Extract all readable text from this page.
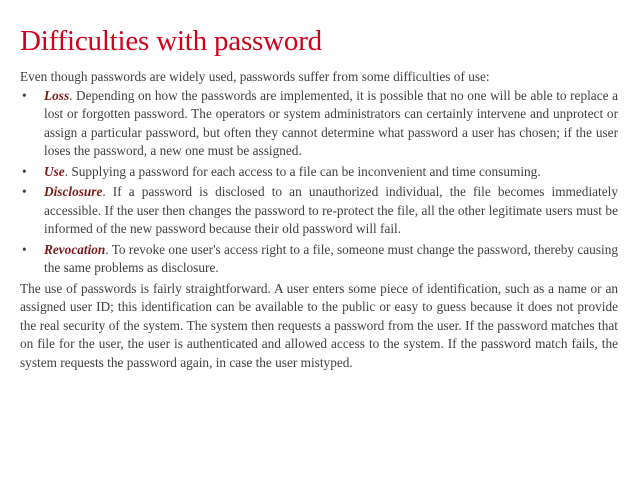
Difficulties with password

Even though passwords are widely used, passwords suffer from some difficulties of use:

• Loss. Depending on how the passwords are implemented, it is possible that no one will be able to replace a lost or forgotten password. The operators or system administrators can certainly intervene and unprotect or assign a particular password, but often they cannot determine what password a user has chosen; if the user loses the password, a new one must be assigned.
• Use. Supplying a password for each access to a file can be inconvenient and time consuming.
• Disclosure. If a password is disclosed to an unauthorized individual, the file becomes immediately accessible. If the user then changes the password to re-protect the file, all the other legitimate users must be informed of the new password because their old password will fail.
• Revocation. To revoke one user's access right to a file, someone must change the password, thereby causing the same problems as disclosure.

The use of passwords is fairly straightforward. A user enters some piece of identification, such as a name or an assigned user ID; this identification can be available to the public or easy to guess because it does not provide the real security of the system. The system then requests a password from the user. If the password matches that on file for the user, the user is authenticated and allowed access to the system. If the password match fails, the system requests the password again, in case the user mistyped.
